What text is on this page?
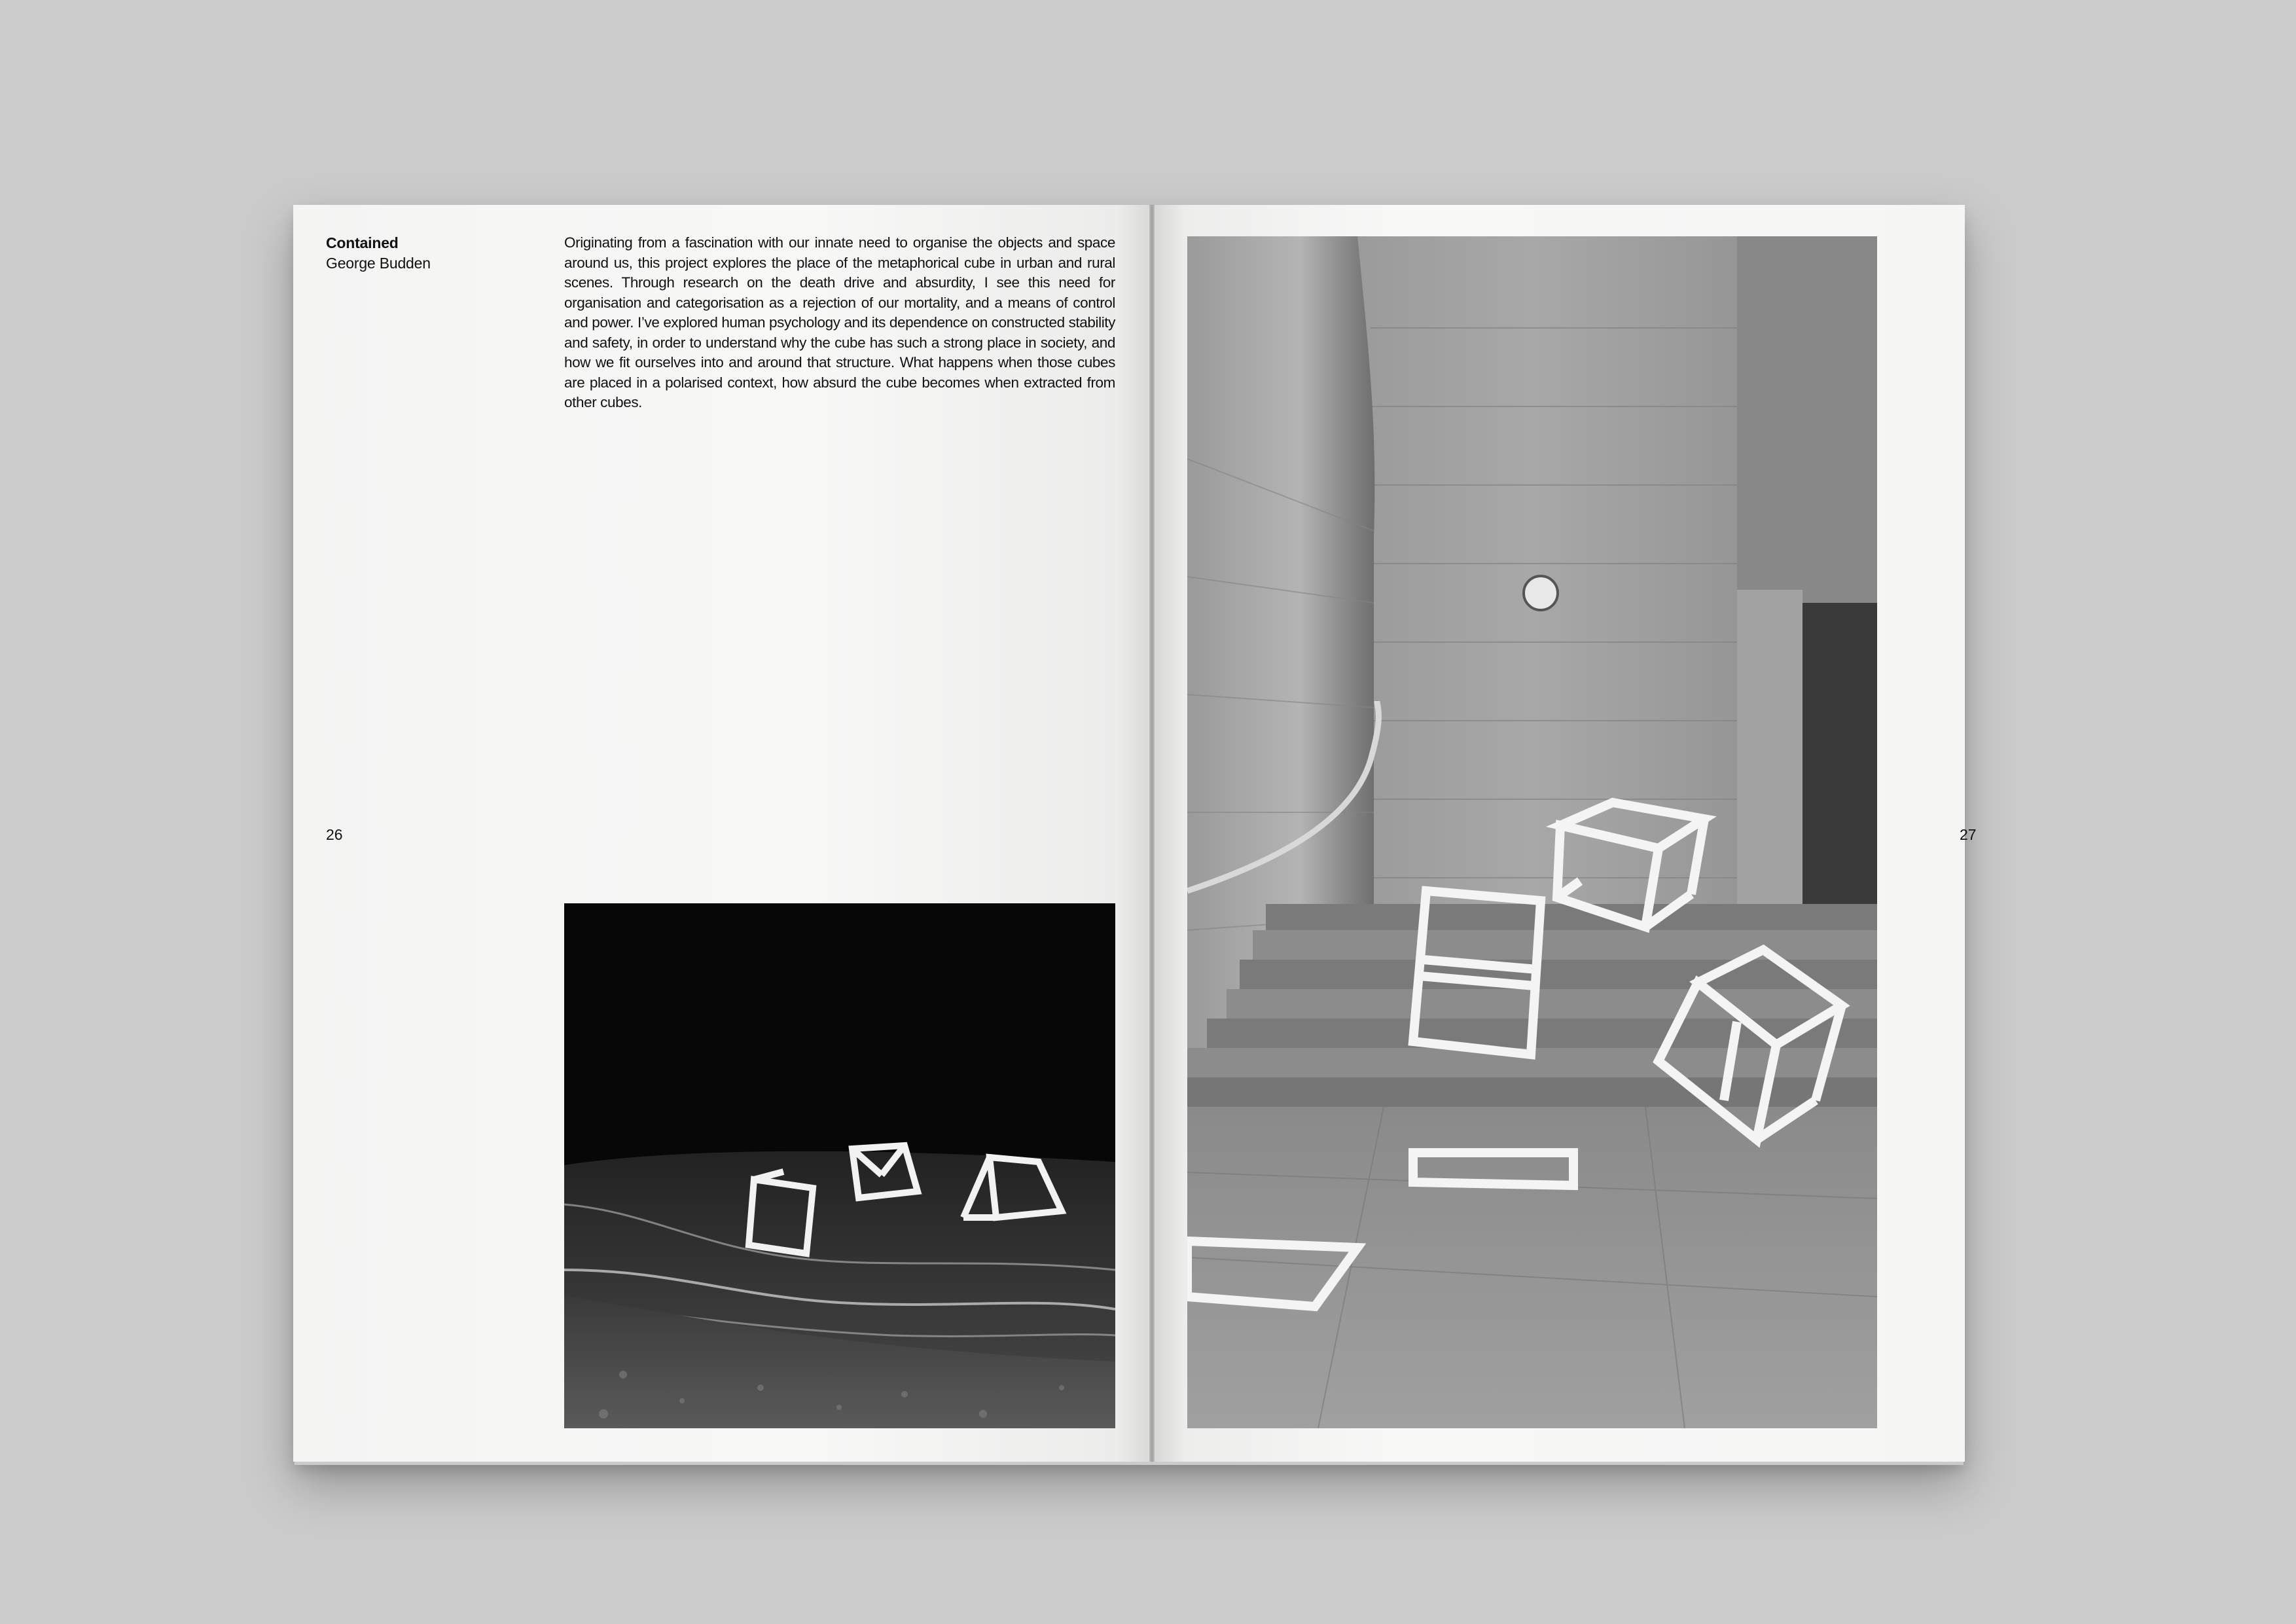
Contained
George Budden
Originating from a fascination with our innate need to organise the objects and space around us, this project explores the place of the metaphorical cube in urban and rural scenes. Through research on the death drive and absurdity, I see this need for organisation and categorisation as a rejection of our mortality, and a means of control and power. I’ve explored human psychology and its dependence on constructed stability and safety, in order to understand why the cube has such a strong place in society, and how we fit ourselves into and around that structure. What happens when those cubes are placed in a polarised context, how absurd the cube becomes when extracted from other cubes.
26	27
